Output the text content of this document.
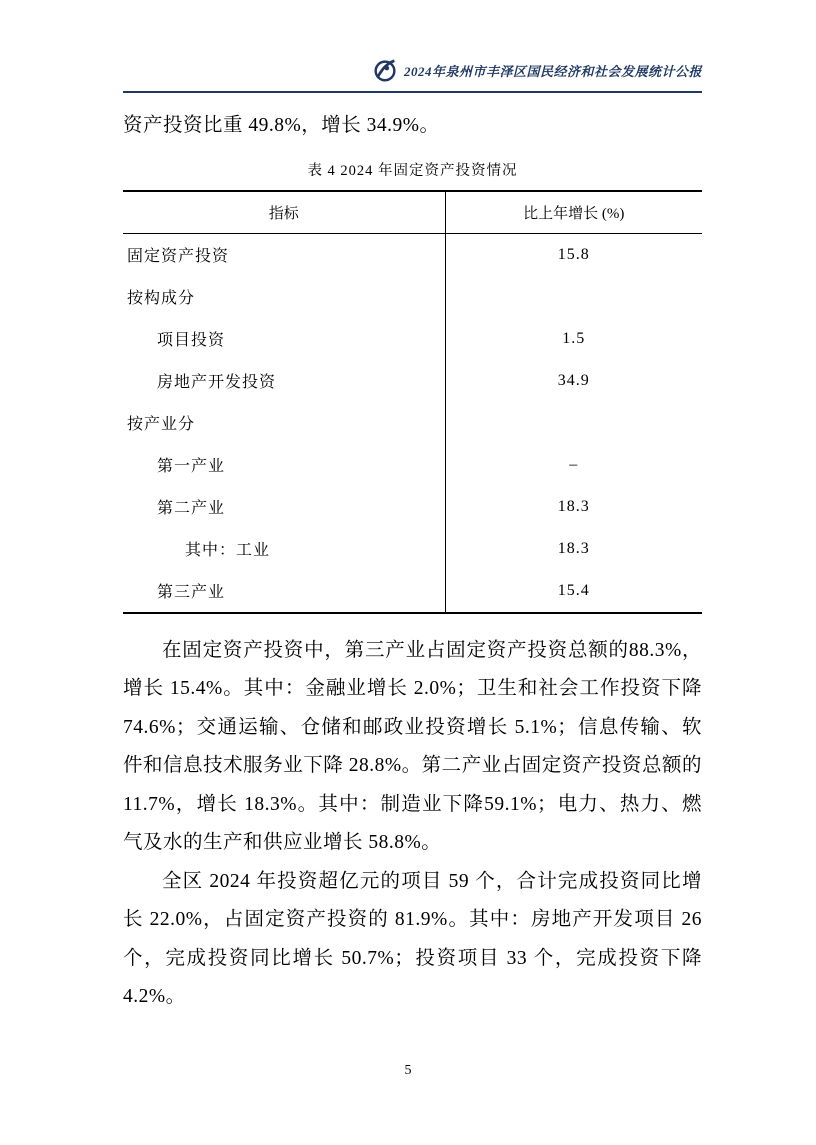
2024年泉州市丰泽区国民经济和社会发展统计公报

资产投资比重 49.8%，增长 34.9%。

表 4 2024 年固定资产投资情况

指标	比上年增长 (%)
固定资产投资	15.8
按构成分	
项目投资	1.5
房地产开发投资	34.9
按产业分	
第一产业	–
第二产业	18.3
其中：工业	18.3
第三产业	15.4

在固定资产投资中，第三产业占固定资产投资总额的88.3%，增长 15.4%。其中：金融业增长 2.0%；卫生和社会工作投资下降 74.6%；交通运输、仓储和邮政业投资增长 5.1%；信息传输、软件和信息技术服务业下降 28.8%。第二产业占固定资产投资总额的 11.7%，增长 18.3%。其中：制造业下降59.1%；电力、热力、燃气及水的生产和供应业增长 58.8%。

全区 2024 年投资超亿元的项目 59 个，合计完成投资同比增长 22.0%，占固定资产投资的 81.9%。其中：房地产开发项目 26 个，完成投资同比增长 50.7%；投资项目 33 个，完成投资下降 4.2%。

5
